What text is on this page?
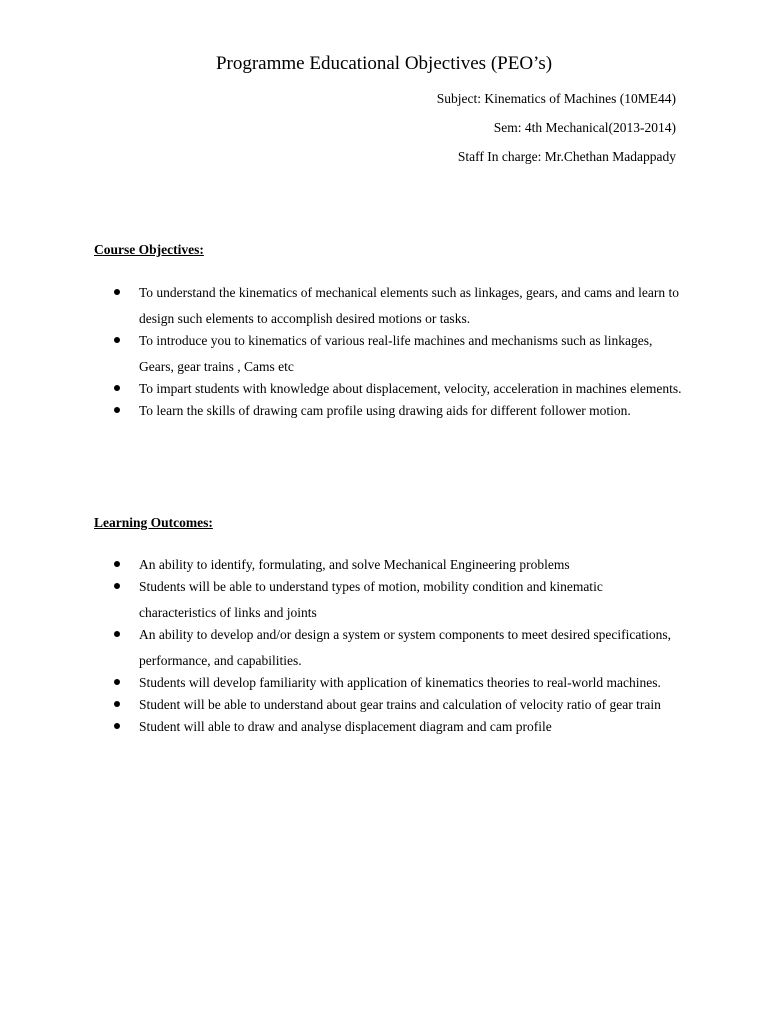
Programme Educational Objectives (PEO’s)
Subject: Kinematics of Machines (10ME44)
Sem: 4th Mechanical(2013-2014)
Staff In charge: Mr.Chethan Madappady
Course Objectives:
To understand the kinematics of mechanical elements such as linkages, gears, and cams and learn to design such elements to accomplish desired motions or tasks.
To introduce you to kinematics of various real-life machines and mechanisms such as linkages, Gears, gear trains , Cams etc
To impart students with knowledge about displacement, velocity, acceleration in machines elements.
To learn the skills of drawing cam profile using drawing aids for different follower motion.
Learning Outcomes:
An ability to identify, formulating, and solve Mechanical Engineering problems
Students will be able to understand types of motion, mobility condition and kinematic characteristics of links and joints
An ability to develop and/or design a system or system components to meet desired specifications, performance, and capabilities.
Students will develop familiarity with application of kinematics theories to real-world machines.
Student will be able to understand about gear trains and calculation of velocity ratio of gear train
Student will able to draw and analyse displacement diagram and cam profile
